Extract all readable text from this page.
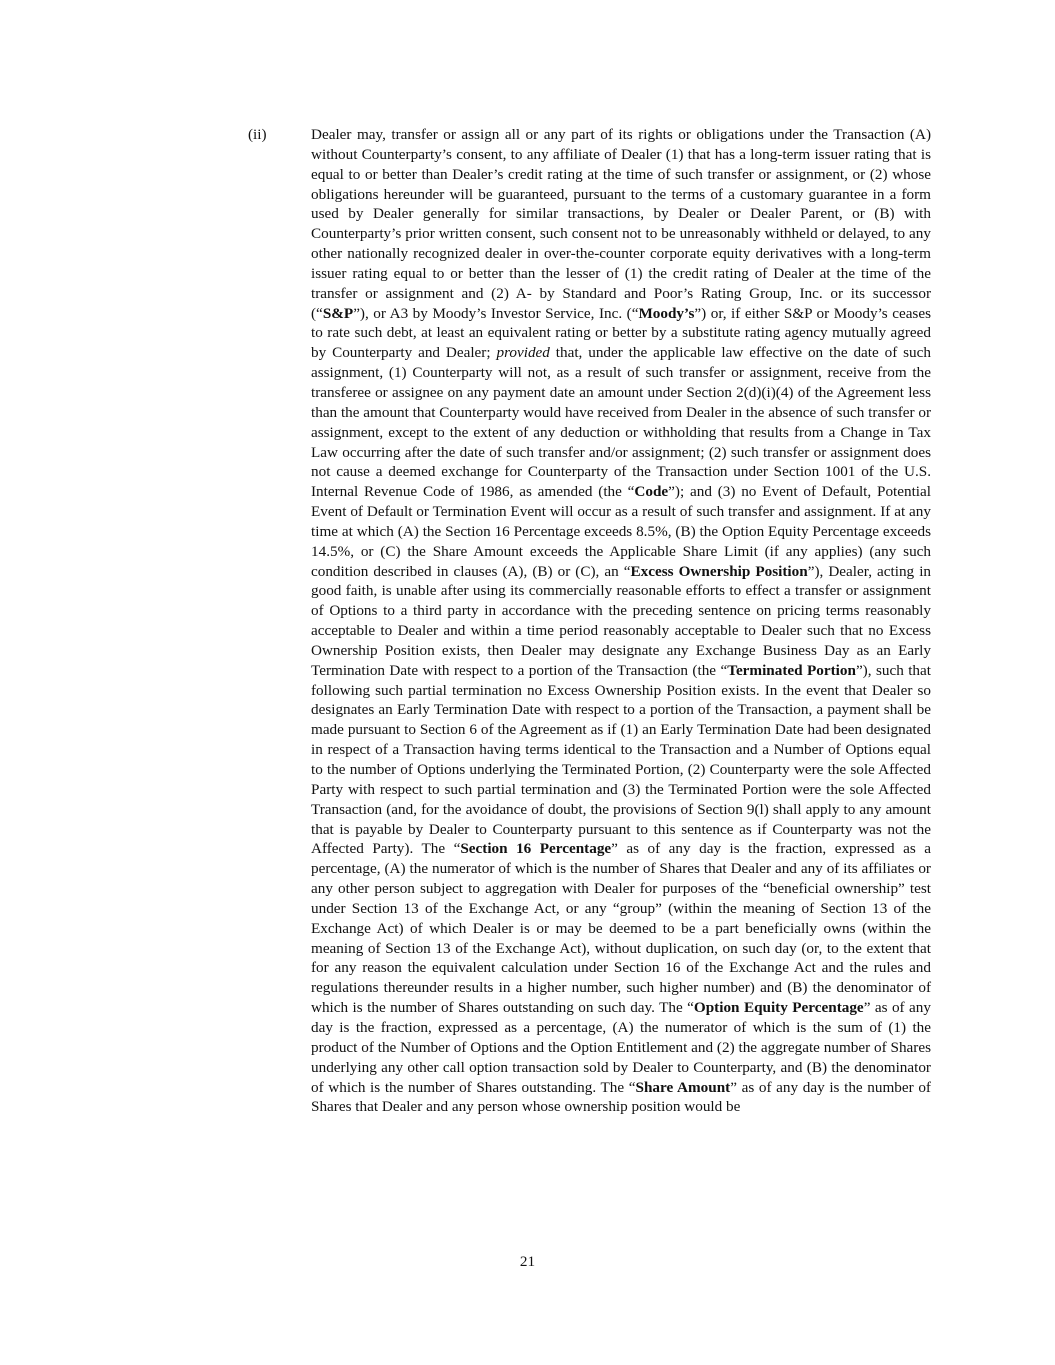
(ii)	Dealer may, transfer or assign all or any part of its rights or obligations under the Transaction (A) without Counterparty’s consent, to any affiliate of Dealer (1) that has a long-term issuer rating that is equal to or better than Dealer’s credit rating at the time of such transfer or assignment, or (2) whose obligations hereunder will be guaranteed, pursuant to the terms of a customary guarantee in a form used by Dealer generally for similar transactions, by Dealer or Dealer Parent, or (B) with Counterparty’s prior written consent, such consent not to be unreasonably withheld or delayed, to any other nationally recognized dealer in over-the-counter corporate equity derivatives with a long-term issuer rating equal to or better than the lesser of (1) the credit rating of Dealer at the time of the transfer or assignment and (2) A- by Standard and Poor’s Rating Group, Inc. or its successor (“S&P”), or A3 by Moody’s Investor Service, Inc. (“Moody’s”) or, if either S&P or Moody’s ceases to rate such debt, at least an equivalent rating or better by a substitute rating agency mutually agreed by Counterparty and Dealer; provided that, under the applicable law effective on the date of such assignment, (1) Counterparty will not, as a result of such transfer or assignment, receive from the transferee or assignee on any payment date an amount under Section 2(d)(i)(4) of the Agreement less than the amount that Counterparty would have received from Dealer in the absence of such transfer or assignment, except to the extent of any deduction or withholding that results from a Change in Tax Law occurring after the date of such transfer and/or assignment; (2) such transfer or assignment does not cause a deemed exchange for Counterparty of the Transaction under Section 1001 of the U.S. Internal Revenue Code of 1986, as amended (the “Code”); and (3) no Event of Default, Potential Event of Default or Termination Event will occur as a result of such transfer and assignment. If at any time at which (A) the Section 16 Percentage exceeds 8.5%, (B) the Option Equity Percentage exceeds 14.5%, or (C) the Share Amount exceeds the Applicable Share Limit (if any applies) (any such condition described in clauses (A), (B) or (C), an “Excess Ownership Position”), Dealer, acting in good faith, is unable after using its commercially reasonable efforts to effect a transfer or assignment of Options to a third party in accordance with the preceding sentence on pricing terms reasonably acceptable to Dealer and within a time period reasonably acceptable to Dealer such that no Excess Ownership Position exists, then Dealer may designate any Exchange Business Day as an Early Termination Date with respect to a portion of the Transaction (the “Terminated Portion”), such that following such partial termination no Excess Ownership Position exists. In the event that Dealer so designates an Early Termination Date with respect to a portion of the Transaction, a payment shall be made pursuant to Section 6 of the Agreement as if (1) an Early Termination Date had been designated in respect of a Transaction having terms identical to the Transaction and a Number of Options equal to the number of Options underlying the Terminated Portion, (2) Counterparty were the sole Affected Party with respect to such partial termination and (3) the Terminated Portion were the sole Affected Transaction (and, for the avoidance of doubt, the provisions of Section 9(l) shall apply to any amount that is payable by Dealer to Counterparty pursuant to this sentence as if Counterparty was not the Affected Party). The “Section 16 Percentage” as of any day is the fraction, expressed as a percentage, (A) the numerator of which is the number of Shares that Dealer and any of its affiliates or any other person subject to aggregation with Dealer for purposes of the “beneficial ownership” test under Section 13 of the Exchange Act, or any “group” (within the meaning of Section 13 of the Exchange Act) of which Dealer is or may be deemed to be a part beneficially owns (within the meaning of Section 13 of the Exchange Act), without duplication, on such day (or, to the extent that for any reason the equivalent calculation under Section 16 of the Exchange Act and the rules and regulations thereunder results in a higher number, such higher number) and (B) the denominator of which is the number of Shares outstanding on such day. The “Option Equity Percentage” as of any day is the fraction, expressed as a percentage, (A) the numerator of which is the sum of (1) the product of the Number of Options and the Option Entitlement and (2) the aggregate number of Shares underlying any other call option transaction sold by Dealer to Counterparty, and (B) the denominator of which is the number of Shares outstanding. The “Share Amount” as of any day is the number of Shares that Dealer and any person whose ownership position would be

21
